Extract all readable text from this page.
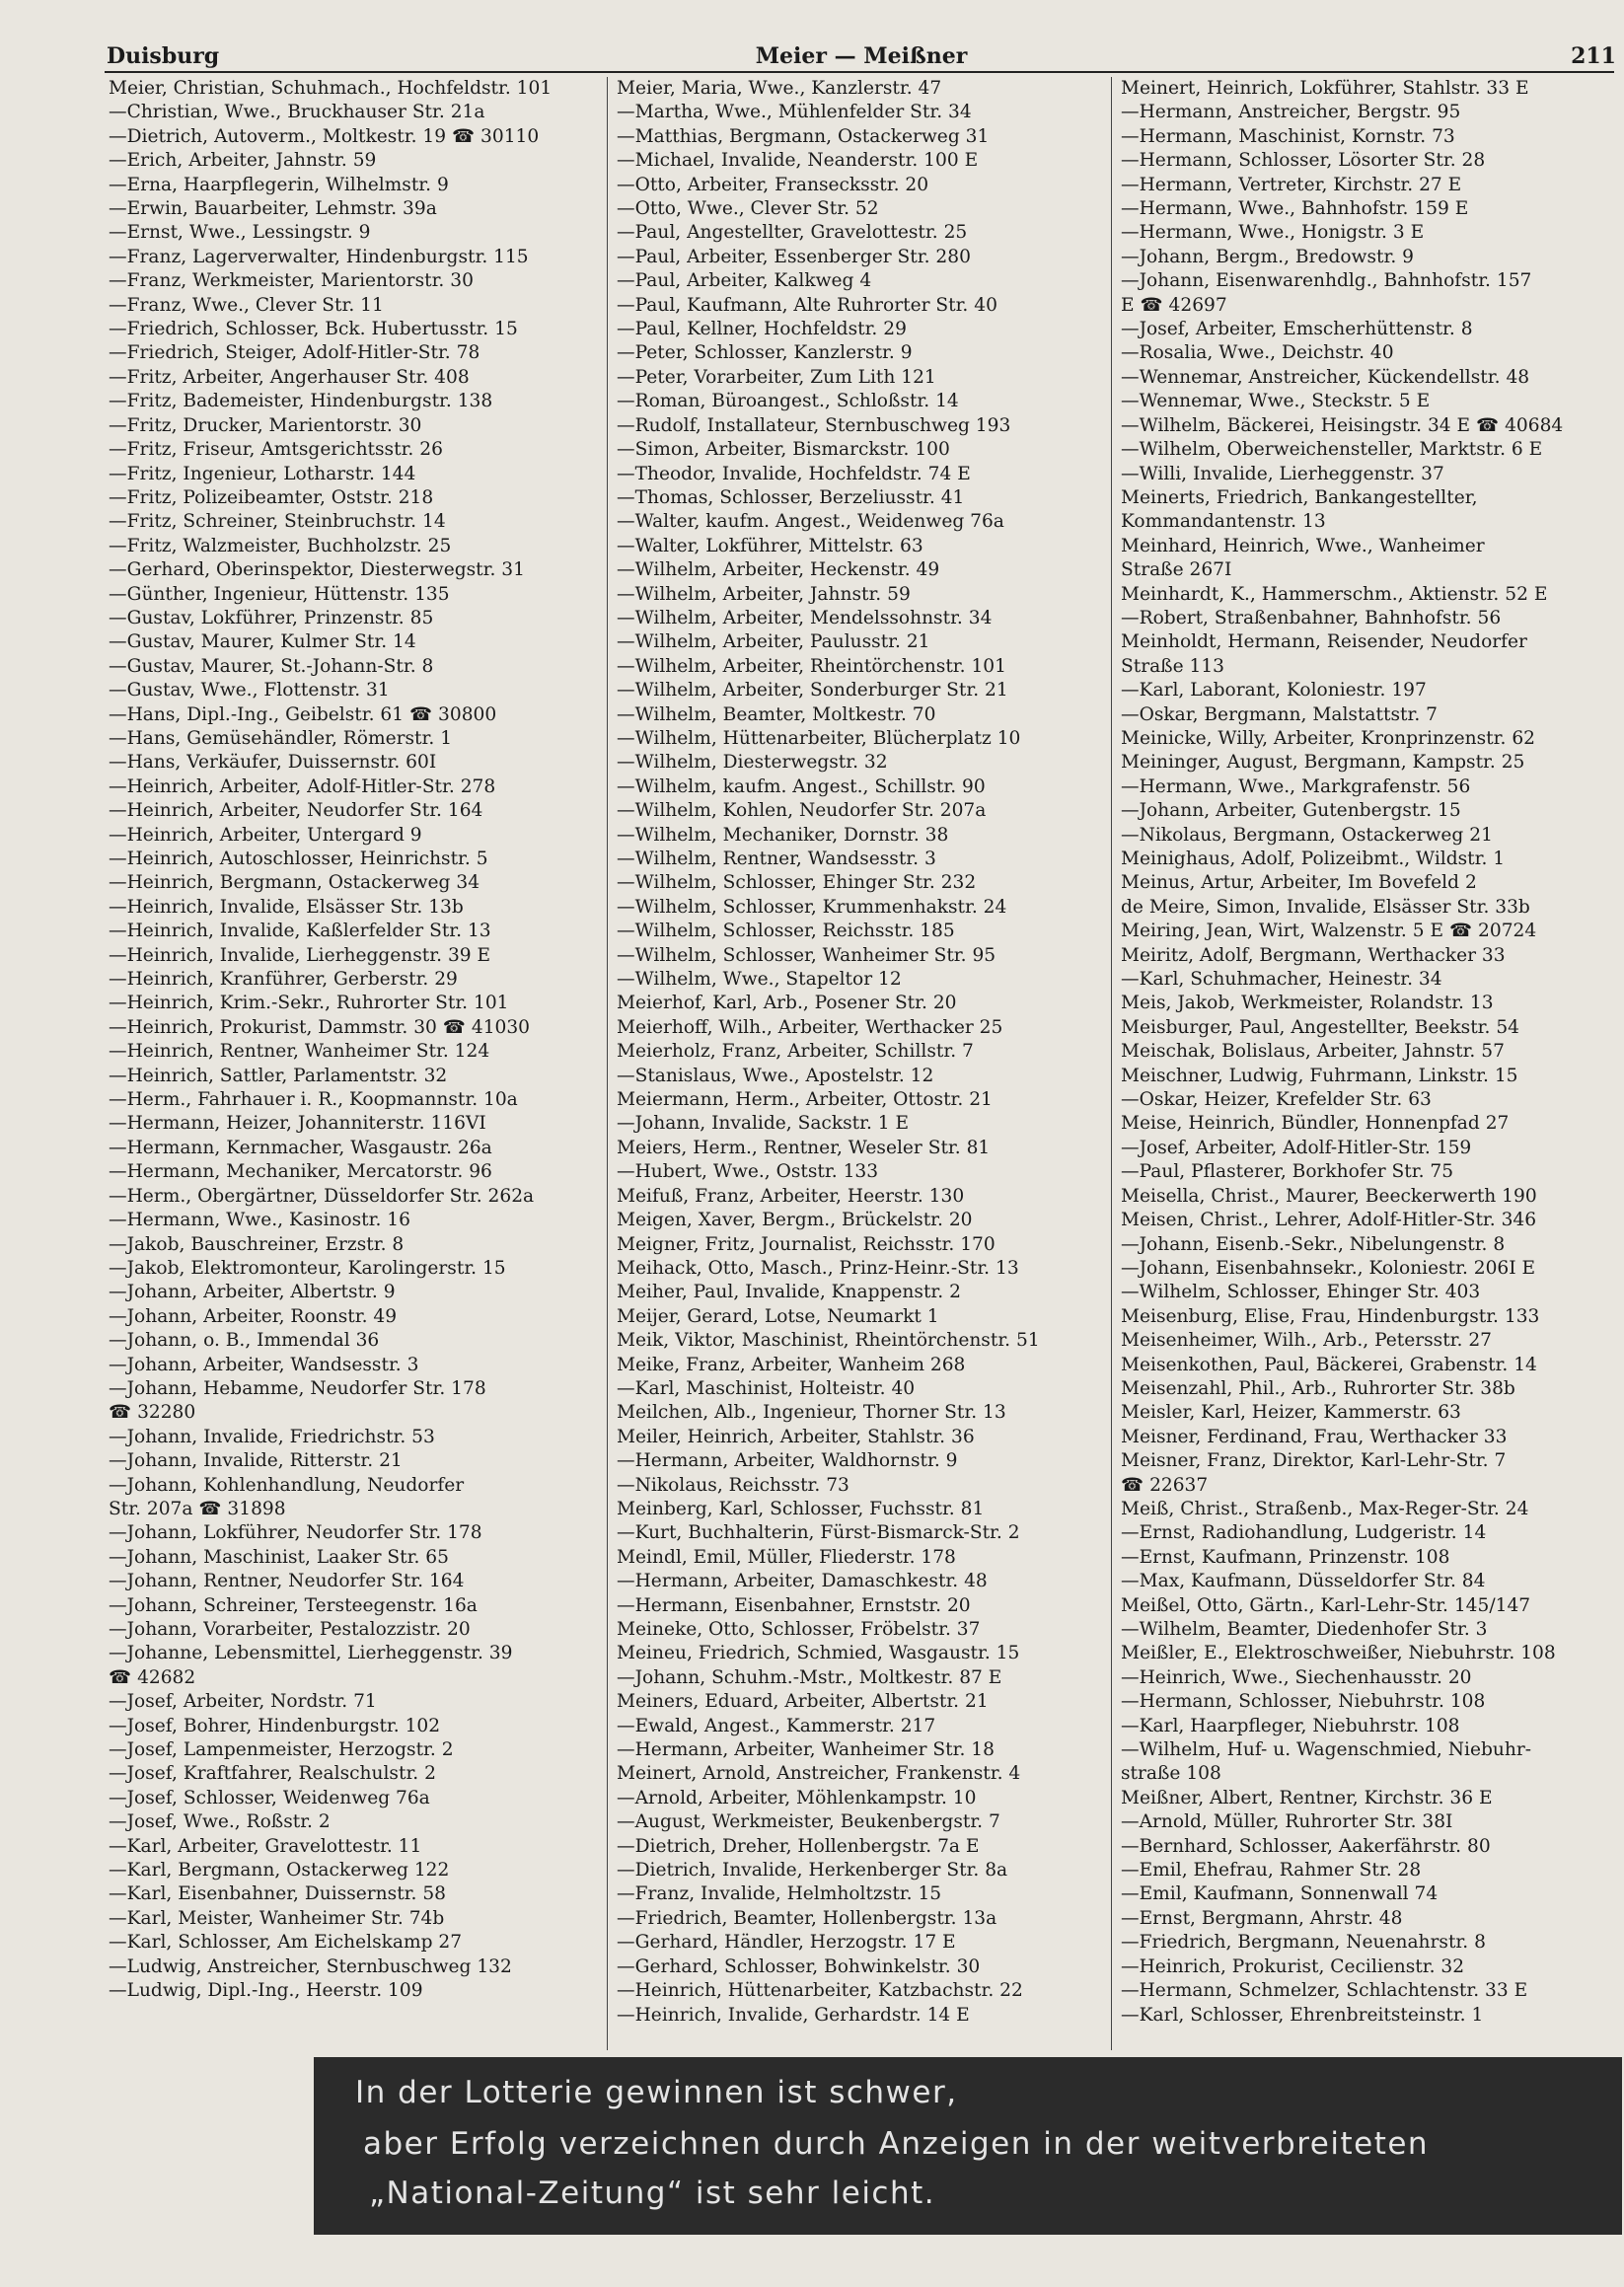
Duisburg	Meier — Meißner	211
Meier, Christian, Schuhmach., Hochfeldstr. 101
—Christian, Wwe., Bruckhauser Str. 21a
—Dietrich, Autoverm., Moltkestr. 19 ☎ 30110
—Erich, Arbeiter, Jahnstr. 59
—Erna, Haarpflegerin, Wilhelmstr. 9
—Erwin, Bauarbeiter, Lehmstr. 39a
—Ernst, Wwe., Lessingstr. 9
—Franz, Lagerverwalter, Hindenburgstr. 115
—Franz, Werkmeister, Marientorstr. 30
—Franz, Wwe., Clever Str. 11
—Friedrich, Schlosser, Bck. Hubertusstr. 15
—Friedrich, Steiger, Adolf-Hitler-Str. 78
—Fritz, Arbeiter, Angerhauser Str. 408
—Fritz, Bademeister, Hindenburgstr. 138
—Fritz, Drucker, Marientorstr. 30
—Fritz, Friseur, Amtsgerichtsstr. 26
—Fritz, Ingenieur, Lotharstr. 144
—Fritz, Polizeibeamter, Oststr. 218
—Fritz, Schreiner, Steinbruchstr. 14
—Fritz, Walzmeister, Buchholzstr. 25
—Gerhard, Oberinspektor, Diesterwegstr. 31
—Günther, Ingenieur, Hüttenstr. 135
—Gustav, Lokführer, Prinzenstr. 85
—Gustav, Maurer, Kulmer Str. 14
—Gustav, Maurer, St.-Johann-Str. 8
—Gustav, Wwe., Flottenstr. 31
—Hans, Dipl.-Ing., Geibelstr. 61 ☎ 30800
—Hans, Gemüsehändler, Römerstr. 1
—Hans, Verkäufer, Duissernstr. 60I
—Heinrich, Arbeiter, Adolf-Hitler-Str. 278
—Heinrich, Arbeiter, Neudorfer Str. 164
—Heinrich, Arbeiter, Untergard 9
—Heinrich, Autoschlosser, Heinrichstr. 5
—Heinrich, Bergmann, Ostackerweg 34
—Heinrich, Invalide, Elsässer Str. 13b
—Heinrich, Invalide, Kaßlerfelder Str. 13
—Heinrich, Invalide, Lierheggenstr. 39 E
—Heinrich, Kranführer, Gerberstr. 29
—Heinrich, Krim.-Sekr., Ruhrorter Str. 101
—Heinrich, Prokurist, Dammstr. 30 ☎ 41030
—Heinrich, Rentner, Wanheimer Str. 124
—Heinrich, Sattler, Parlamentstr. 32
—Herm., Fahrhauer i. R., Koopmannstr. 10a
—Hermann, Heizer, Johanniterstr. 116VI
—Hermann, Kernmacher, Wasgaustr. 26a
—Hermann, Mechaniker, Mercatorstr. 96
—Herm., Obergärtner, Düsseldorfer Str. 262a
—Hermann, Wwe., Kasinostr. 16
—Jakob, Bauschreiner, Erzstr. 8
—Jakob, Elektromonteur, Karolingerstr. 15
—Johann, Arbeiter, Albertstr. 9
—Johann, Arbeiter, Roonstr. 49
—Johann, o. B., Immendal 36
—Johann, Arbeiter, Wandsesstr. 3
—Johann, Hebamme, Neudorfer Str. 178
☎ 32280
—Johann, Invalide, Friedrichstr. 53
—Johann, Invalide, Ritterstr. 21
—Johann, Kohlenhandlung, Neudorfer
Str. 207a ☎ 31898
—Johann, Lokführer, Neudorfer Str. 178
—Johann, Maschinist, Laaker Str. 65
—Johann, Rentner, Neudorfer Str. 164
—Johann, Schreiner, Tersteegenstr. 16a
—Johann, Vorarbeiter, Pestalozzistr. 20
—Johanne, Lebensmittel, Lierheggenstr. 39
☎ 42682
—Josef, Arbeiter, Nordstr. 71
—Josef, Bohrer, Hindenburgstr. 102
—Josef, Lampenmeister, Herzogstr. 2
—Josef, Kraftfahrer, Realschulstr. 2
—Josef, Schlosser, Weidenweg 76a
—Josef, Wwe., Roßstr. 2
—Karl, Arbeiter, Gravelottestr. 11
—Karl, Bergmann, Ostackerweg 122
—Karl, Eisenbahner, Duissernstr. 58
—Karl, Meister, Wanheimer Str. 74b
—Karl, Schlosser, Am Eichelskamp 27
—Ludwig, Anstreicher, Sternbuschweg 132
—Ludwig, Dipl.-Ing., Heerstr. 109
Meier, Maria, Wwe., Kanzlerstr. 47
—Martha, Wwe., Mühlenfelder Str. 34
—Matthias, Bergmann, Ostackerweg 31
—Michael, Invalide, Neanderstr. 100 E
—Otto, Arbeiter, Fransecksstr. 20
—Otto, Wwe., Clever Str. 52
—Paul, Angestellter, Gravelottestr. 25
—Paul, Arbeiter, Essenberger Str. 280
—Paul, Arbeiter, Kalkweg 4
—Paul, Kaufmann, Alte Ruhrorter Str. 40
—Paul, Kellner, Hochfeldstr. 29
—Peter, Schlosser, Kanzlerstr. 9
—Peter, Vorarbeiter, Zum Lith 121
—Roman, Büroangest., Schloßstr. 14
—Rudolf, Installateur, Sternbuschweg 193
—Simon, Arbeiter, Bismarckstr. 100
—Theodor, Invalide, Hochfeldstr. 74 E
—Thomas, Schlosser, Berzeliusstr. 41
—Walter, kaufm. Angest., Weidenweg 76a
—Walter, Lokführer, Mittelstr. 63
—Wilhelm, Arbeiter, Heckenstr. 49
—Wilhelm, Arbeiter, Jahnstr. 59
—Wilhelm, Arbeiter, Mendelssohnstr. 34
—Wilhelm, Arbeiter, Paulusstr. 21
—Wilhelm, Arbeiter, Rheintörchenstr. 101
—Wilhelm, Arbeiter, Sonderburger Str. 21
—Wilhelm, Beamter, Moltkestr. 70
—Wilhelm, Hüttenarbeiter, Blücherplatz 10
—Wilhelm, Diesterwegstr. 32
—Wilhelm, kaufm. Angest., Schillstr. 90
—Wilhelm, Kohlen, Neudorfer Str. 207a
—Wilhelm, Mechaniker, Dornstr. 38
—Wilhelm, Rentner, Wandsesstr. 3
—Wilhelm, Schlosser, Ehinger Str. 232
—Wilhelm, Schlosser, Krummenhakstr. 24
—Wilhelm, Schlosser, Reichsstr. 185
—Wilhelm, Schlosser, Wanheimer Str. 95
—Wilhelm, Wwe., Stapeltor 12
Meierhof, Karl, Arb., Posener Str. 20
Meierhoff, Wilh., Arbeiter, Werthacker 25
Meierholz, Franz, Arbeiter, Schillstr. 7
—Stanislaus, Wwe., Apostelstr. 12
Meiermann, Herm., Arbeiter, Ottostr. 21
—Johann, Invalide, Sackstr. 1 E
Meiers, Herm., Rentner, Weseler Str. 81
—Hubert, Wwe., Oststr. 133
Meifuß, Franz, Arbeiter, Heerstr. 130
Meigen, Xaver, Bergm., Brückelstr. 20
Meigner, Fritz, Journalist, Reichsstr. 170
Meihack, Otto, Masch., Prinz-Heinr.-Str. 13
Meiher, Paul, Invalide, Knappenstr. 2
Meijer, Gerard, Lotse, Neumarkt 1
Meik, Viktor, Maschinist, Rheintörchenstr. 51
Meike, Franz, Arbeiter, Wanheim 268
—Karl, Maschinist, Holteistr. 40
Meilchen, Alb., Ingenieur, Thorner Str. 13
Meiler, Heinrich, Arbeiter, Stahlstr. 36
—Hermann, Arbeiter, Waldhornstr. 9
—Nikolaus, Reichsstr. 73
Meinberg, Karl, Schlosser, Fuchsstr. 81
—Kurt, Buchhalterin, Fürst-Bismarck-Str. 2
Meindl, Emil, Müller, Fliederstr. 178
—Hermann, Arbeiter, Damaschkestr. 48
—Hermann, Eisenbahner, Ernststr. 20
Meineke, Otto, Schlosser, Fröbelstr. 37
Meineu, Friedrich, Schmied, Wasgaustr. 15
—Johann, Schuhm.-Mstr., Moltkestr. 87 E
Meiners, Eduard, Arbeiter, Albertstr. 21
—Ewald, Angest., Kammerstr. 217
—Hermann, Arbeiter, Wanheimer Str. 18
Meinert, Arnold, Anstreicher, Frankenstr. 4
—Arnold, Arbeiter, Möhlenkampstr. 10
—August, Werkmeister, Beukenbergstr. 7
—Dietrich, Dreher, Hollenbergstr. 7a E
—Dietrich, Invalide, Herkenberger Str. 8a
—Franz, Invalide, Helmholtzstr. 15
—Friedrich, Beamter, Hollenbergstr. 13a
—Gerhard, Händler, Herzogstr. 17 E
—Gerhard, Schlosser, Bohwinkelstr. 30
—Heinrich, Hüttenarbeiter, Katzbachstr. 22
—Heinrich, Invalide, Gerhardstr. 14 E
Meinert, Heinrich, Lokführer, Stahlstr. 33 E
—Hermann, Anstreicher, Bergstr. 95
—Hermann, Maschinist, Kornstr. 73
—Hermann, Schlosser, Lösorter Str. 28
—Hermann, Vertreter, Kirchstr. 27 E
—Hermann, Wwe., Bahnhofstr. 159 E
—Hermann, Wwe., Honigstr. 3 E
—Johann, Bergm., Bredowstr. 9
—Johann, Eisenwarenhdlg., Bahnhofstr. 157
E ☎ 42697
—Josef, Arbeiter, Emscherhüttenstr. 8
—Rosalia, Wwe., Deichstr. 40
—Wennemar, Anstreicher, Kückendellstr. 48
—Wennemar, Wwe., Steckstr. 5 E
—Wilhelm, Bäckerei, Heisingstr. 34 E ☎ 40684
—Wilhelm, Oberweichensteller, Marktstr. 6 E
—Willi, Invalide, Lierheggenstr. 37
Meinerts, Friedrich, Bankangestellter,
Kommandantenstr. 13
Meinhard, Heinrich, Wwe., Wanheimer
Straße 267I
Meinhardt, K., Hammerschm., Aktienstr. 52 E
—Robert, Straßenbahner, Bahnhofstr. 56
Meinholdt, Hermann, Reisender, Neudorfer
Straße 113
—Karl, Laborant, Koloniestr. 197
—Oskar, Bergmann, Malstattstr. 7
Meinicke, Willy, Arbeiter, Kronprinzenstr. 62
Meininger, August, Bergmann, Kampstr. 25
—Hermann, Wwe., Markgrafenstr. 56
—Johann, Arbeiter, Gutenbergstr. 15
—Nikolaus, Bergmann, Ostackerweg 21
Meinighaus, Adolf, Polizeibmt., Wildstr. 1
Meinus, Artur, Arbeiter, Im Bovefeld 2
de Meire, Simon, Invalide, Elsässer Str. 33b
Meiring, Jean, Wirt, Walzenstr. 5 E ☎ 20724
Meiritz, Adolf, Bergmann, Werthacker 33
—Karl, Schuhmacher, Heinestr. 34
Meis, Jakob, Werkmeister, Rolandstr. 13
Meisburger, Paul, Angestellter, Beekstr. 54
Meischak, Bolislaus, Arbeiter, Jahnstr. 57
Meischner, Ludwig, Fuhrmann, Linkstr. 15
—Oskar, Heizer, Krefelder Str. 63
Meise, Heinrich, Bündler, Honnenpfad 27
—Josef, Arbeiter, Adolf-Hitler-Str. 159
—Paul, Pflasterer, Borkhofer Str. 75
Meisella, Christ., Maurer, Beeckerwerth 190
Meisen, Christ., Lehrer, Adolf-Hitler-Str. 346
—Johann, Eisenb.-Sekr., Nibelungenstr. 8
—Johann, Eisenbahnsekr., Koloniestr. 206I E
—Wilhelm, Schlosser, Ehinger Str. 403
Meisenburg, Elise, Frau, Hindenburgstr. 133
Meisenheimer, Wilh., Arb., Petersstr. 27
Meisenkothen, Paul, Bäckerei, Grabenstr. 14
Meisenzahl, Phil., Arb., Ruhrorter Str. 38b
Meisler, Karl, Heizer, Kammerstr. 63
Meisner, Ferdinand, Frau, Werthacker 33
Meisner, Franz, Direktor, Karl-Lehr-Str. 7
☎ 22637
Meiß, Christ., Straßenb., Max-Reger-Str. 24
—Ernst, Radiohandlung, Ludgeristr. 14
—Ernst, Kaufmann, Prinzenstr. 108
—Max, Kaufmann, Düsseldorfer Str. 84
Meißel, Otto, Gärtn., Karl-Lehr-Str. 145/147
—Wilhelm, Beamter, Diedenhofer Str. 3
Meißler, E., Elektroschweißer, Niebuhrstr. 108
—Heinrich, Wwe., Siechenhausstr. 20
—Hermann, Schlosser, Niebuhrstr. 108
—Karl, Haarpfleger, Niebuhrstr. 108
—Wilhelm, Huf- u. Wagenschmied, Niebuhr-
straße 108
Meißner, Albert, Rentner, Kirchstr. 36 E
—Arnold, Müller, Ruhrorter Str. 38I
—Bernhard, Schlosser, Aakerfährstr. 80
—Emil, Ehefrau, Rahmer Str. 28
—Emil, Kaufmann, Sonnenwall 74
—Ernst, Bergmann, Ahrstr. 48
—Friedrich, Bergmann, Neuenahrstr. 8
—Heinrich, Prokurist, Cecilienstr. 32
—Hermann, Schmelzer, Schlachtenstr. 33 E
—Karl, Schlosser, Ehrenbreitsteinstr. 1
In der Lotterie gewinnen ist schwer,
aber Erfolg verzeichnen durch Anzeigen in der weitverbreiteten
„National-Zeitung“ ist sehr leicht.
